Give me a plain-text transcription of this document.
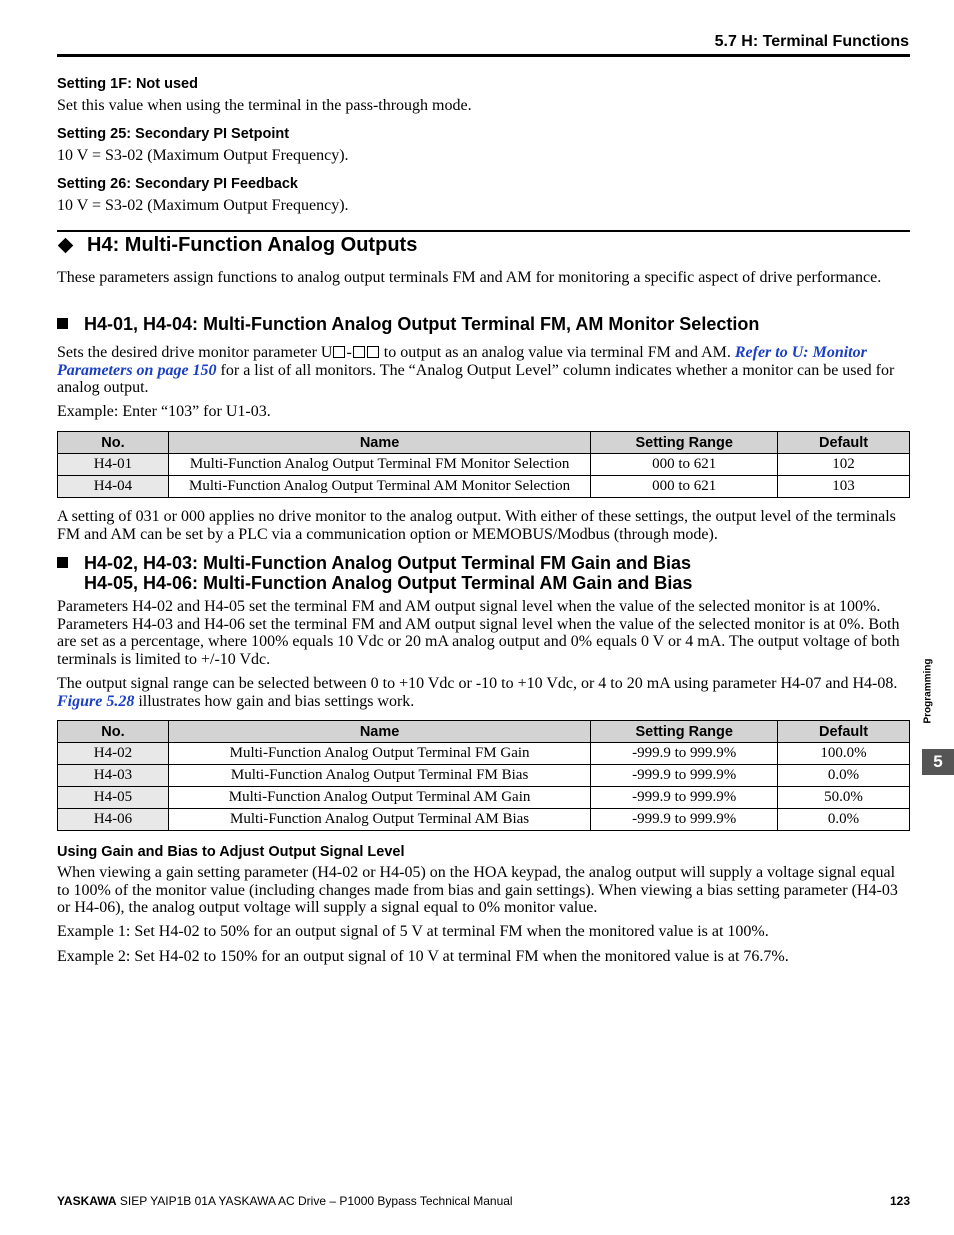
5.7 H: Terminal Functions
Setting 1F: Not used
Set this value when using the terminal in the pass-through mode.
Setting 25: Secondary PI Setpoint
10 V = S3-02 (Maximum Output Frequency).
Setting 26: Secondary PI Feedback
10 V = S3-02 (Maximum Output Frequency).
H4: Multi-Function Analog Outputs
These parameters assign functions to analog output terminals FM and AM for monitoring a specific aspect of drive performance.
H4-01, H4-04: Multi-Function Analog Output Terminal FM, AM Monitor Selection

Sets the desired drive monitor parameter U - to output as an analog value via terminal FM and AM. Refer to U: Monitor Parameters on page 150 for a list of all monitors. The “Analog Output Level” column indicates whether a monitor can be used for analog output.

Example: Enter “103” for U1-03.
No.	Name	Setting Range	Default
H4-01	Multi-Function Analog Output Terminal FM Monitor Selection	000 to 621	102
H4-04	Multi-Function Analog Output Terminal AM Monitor Selection	000 to 621	103
A setting of 031 or 000 applies no drive monitor to the analog output. With either of these settings, the output level of the terminals FM and AM can be set by a PLC via a communication option or MEMOBUS/Modbus (through mode).
H4-02, H4-03: Multi-Function Analog Output Terminal FM Gain and Bias
H4-05, H4-06: Multi-Function Analog Output Terminal AM Gain and Bias
Parameters H4-02 and H4-05 set the terminal FM and AM output signal level when the value of the selected monitor is at 100%. Parameters H4-03 and H4-06 set the terminal FM and AM output signal level when the value of the selected monitor is at 0%. Both are set as a percentage, where 100% equals 10 Vdc or 20 mA analog output and 0% equals 0 V or 4 mA. The output voltage of both terminals is limited to +/-10 Vdc.

The output signal range can be selected between 0 to +10 Vdc or -10 to +10 Vdc, or 4 to 20 mA using parameter H4-07 and H4-08. Figure 5.28 illustrates how gain and bias settings work.

No.	Name	Setting Range	Default
H4-02	Multi-Function Analog Output Terminal FM Gain	-999.9 to 999.9%	100.0%
H4-03	Multi-Function Analog Output Terminal FM Bias	-999.9 to 999.9%	0.0%
H4-05	Multi-Function Analog Output Terminal AM Gain	-999.9 to 999.9%	50.0%
H4-06	Multi-Function Analog Output Terminal AM Bias	-999.9 to 999.9%	0.0%
Using Gain and Bias to Adjust Output Signal Level
When viewing a gain setting parameter (H4-02 or H4-05) on the HOA keypad, the analog output will supply a voltage signal equal to 100% of the monitor value (including changes made from bias and gain settings). When viewing a bias setting parameter (H4-03 or H4-06), the analog output voltage will supply a signal equal to 0% monitor value.
Example 1: Set H4-02 to 50% for an output signal of 5 V at terminal FM when the monitored value is at 100%.
Example 2: Set H4-02 to 150% for an output signal of 10 V at terminal FM when the monitored value is at 76.7%.
Programming
5
YASKAWA SIEP YAIP1B 01A YASKAWA AC Drive – P1000 Bypass Technical Manual	123
